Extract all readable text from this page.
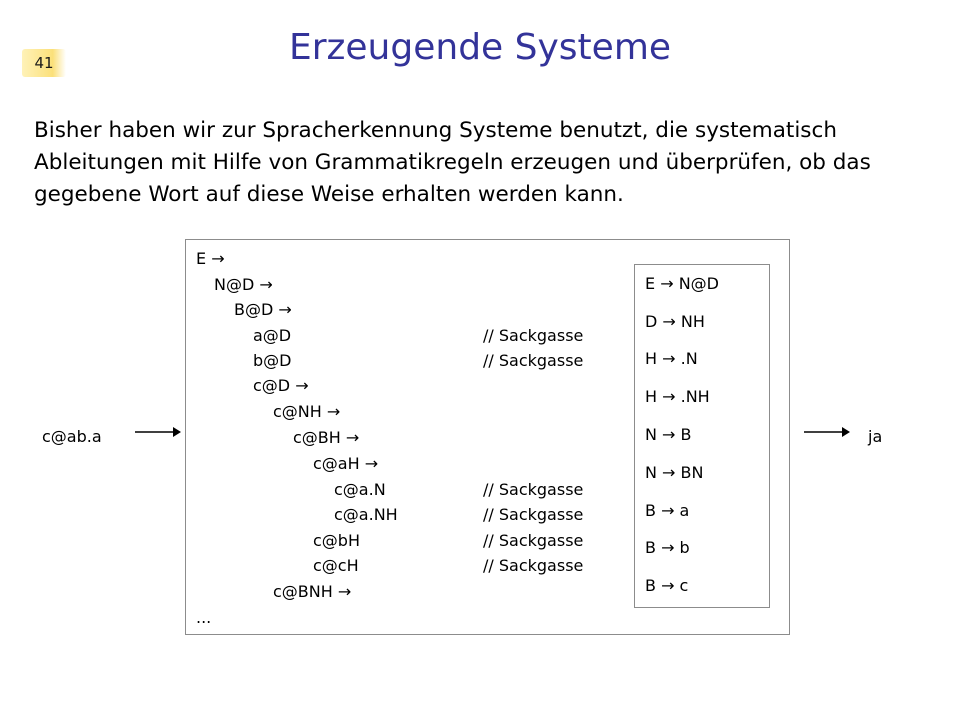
41	Erzeugende Systeme

Bisher haben wir zur Spracherkennung Systeme benutzt, die systematisch Ableitungen mit Hilfe von Grammatikregeln erzeugen und überprüfen, ob das gegebene Wort auf diese Weise erhalten werden kann.

c@ab.a
E →
N@D →
B@D →
a@D	// Sackgasse
b@D	// Sackgasse
c@D →
c@NH →
c@BH →
c@aH →
c@a.N	// Sackgasse
c@a.NH	// Sackgasse
c@bH	// Sackgasse
c@cH	// Sackgasse
c@BNH →
...
E → N@D
D → NH
H → .N
H → .NH
N → B
N → BN
B → a
B → b
B → c
ja
